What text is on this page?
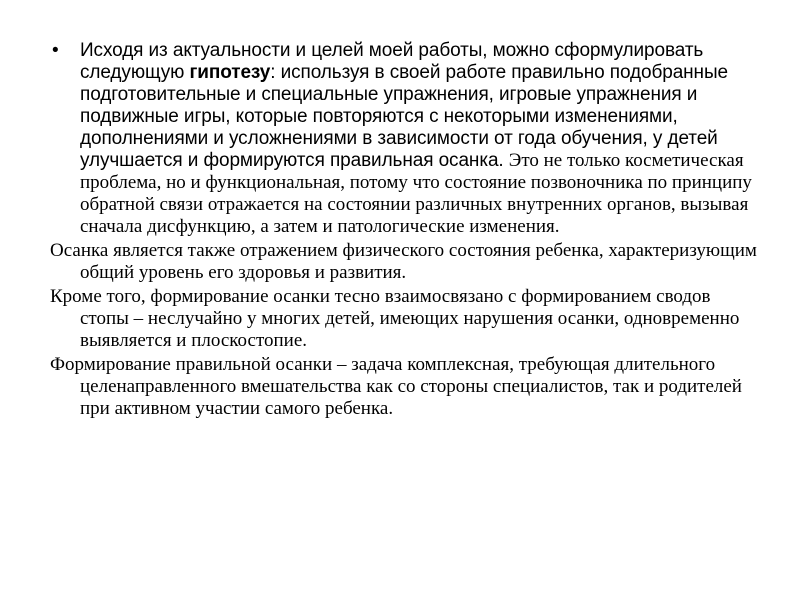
• Исходя из актуальности и целей моей работы, можно сформулировать следующую гипотезу: используя в своей работе правильно подобранные подготовительные и специальные упражнения, игровые упражнения и подвижные игры, которые повторяются с некоторыми изменениями, дополнениями и усложнениями в зависимости от года обучения, у детей улучшается и формируются правильная осанка. Это не только косметическая проблема, но и функциональная, потому что состояние позвоночника по принципу обратной связи отражается на состоянии различных внутренних органов, вызывая сначала дисфункцию, а затем и патологические изменения.
Осанка является также отражением физического состояния ребенка, характеризующим общий уровень его здоровья и развития.
Кроме того, формирование осанки тесно взаимосвязано с формированием сводов стопы – неслучайно у многих детей, имеющих нарушения осанки, одновременно выявляется и плоскостопие.
Формирование правильной осанки – задача комплексная, требующая длительного целенаправленного вмешательства как со стороны специалистов, так и родителей при активном участии самого ребенка.
